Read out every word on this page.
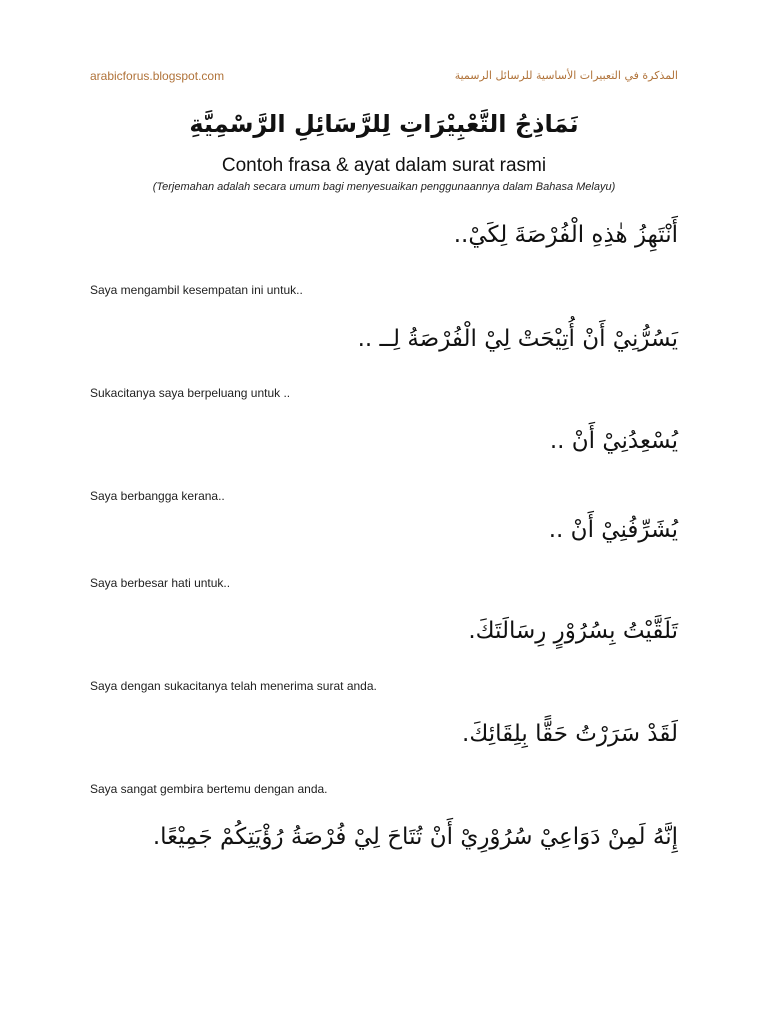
arabicforus.blogspot.com	المذكرة في التعبيرات الأساسية للرسائل الرسمية
نَمَاذِجُ التَّعْبِيْرَاتِ لِلرَّسَائِلِ الرَّسْمِيَّةِ
Contoh frasa & ayat dalam surat rasmi
(Terjemahan adalah secara umum bagi menyesuaikan penggunaannya dalam Bahasa Melayu)
أَنْتَهِزُ هٰذِهِ الْفُرْصَةَ لِكَيْ..
Saya mengambil kesempatan ini untuk..
يَسُرُّنِيْ أَنْ أُتِيْحَتْ لِيْ الْفُرْصَةُ لِــ ..
Sukacitanya saya berpeluang untuk ..
يُسْعِدُنِيْ أَنْ ..
Saya berbangga kerana..
يُشَرِّفُنِيْ أَنْ ..
Saya berbesar hati untuk..
تَلَقَّيْتُ بِسُرُوْرٍ رِسَالَتَكَ.
Saya dengan sukacitanya telah menerima surat anda.
لَقَدْ سَرَرْتُ حَقًّا بِلِقَائِكَ.
Saya sangat gembira bertemu dengan anda.
إِنَّهُ لَمِنْ دَوَاعِيْ سُرُوْرِيْ أَنْ تُتَاحَ لِيْ فُرْصَةُ رُؤْيَتِكُمْ جَمِيْعًا.
